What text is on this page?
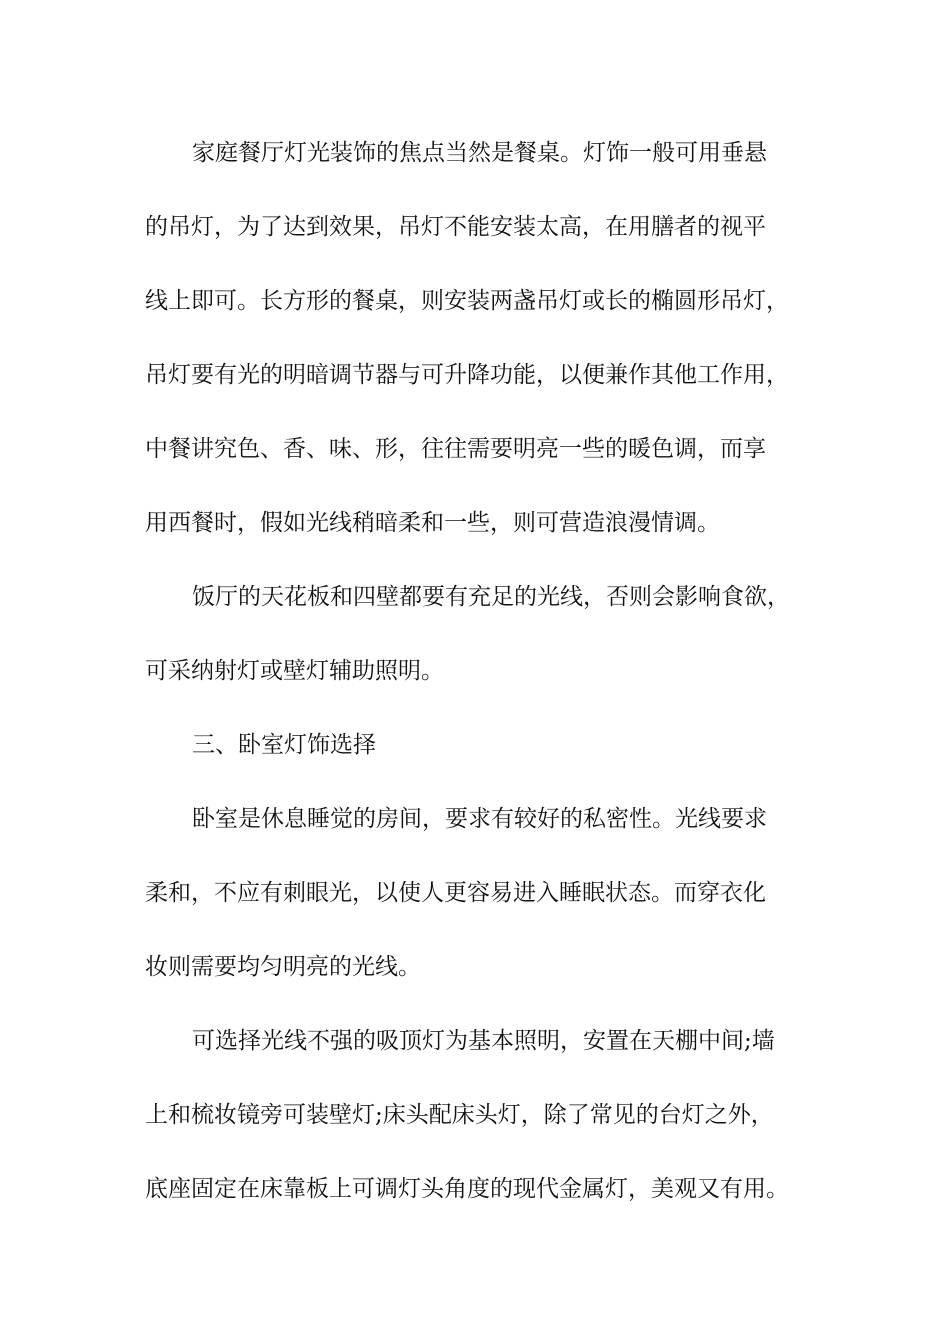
家庭餐厅灯光装饰的焦点当然是餐桌。灯饰一般可用垂悬
的吊灯，为了达到效果，吊灯不能安装太高，在用膳者的视平
线上即可。长方形的餐桌，则安装两盏吊灯或长的椭圆形吊灯，
吊灯要有光的明暗调节器与可升降功能，以便兼作其他工作用，
中餐讲究色、香、味、形，往往需要明亮一些的暖色调，而享
用西餐时，假如光线稍暗柔和一些，则可营造浪漫情调。
饭厅的天花板和四壁都要有充足的光线，否则会影响食欲，
可采纳射灯或壁灯辅助照明。
三、卧室灯饰选择
卧室是休息睡觉的房间，要求有较好的私密性。光线要求
柔和，不应有刺眼光，以使人更容易进入睡眠状态。而穿衣化
妆则需要均匀明亮的光线。
可选择光线不强的吸顶灯为基本照明，安置在天棚中间;墙
上和梳妆镜旁可装壁灯;床头配床头灯，除了常见的台灯之外，
底座固定在床靠板上可调灯头角度的现代金属灯，美观又有用。
